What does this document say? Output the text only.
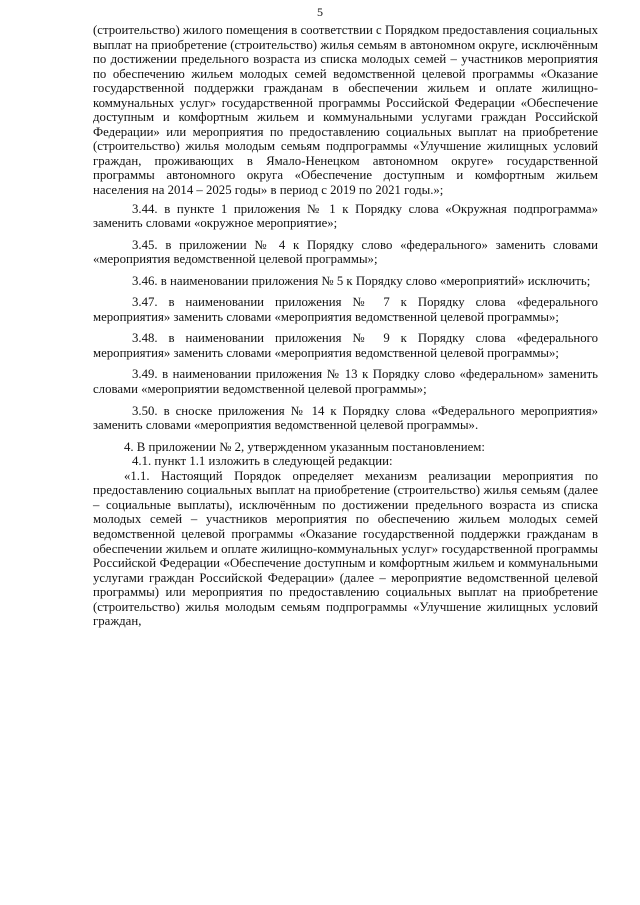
5

(строительство) жилого помещения в соответствии с Порядком предоставления социальных выплат на приобретение (строительство) жилья семьям в автономном округе, исключённым по достижении предельного возраста из списка молодых семей – участников мероприятия по обеспечению жильем молодых семей ведомственной целевой программы «Оказание государственной поддержки гражданам в обеспечении жильем и оплате жилищно-коммунальных услуг» государственной программы Российской Федерации «Обеспечение доступным и комфортным жильем и коммунальными услугами граждан Российской Федерации» или мероприятия по предоставлению социальных выплат на приобретение (строительство) жилья молодым семьям подпрограммы «Улучшение жилищных условий граждан, проживающих в Ямало-Ненецком автономном округе» государственной программы автономного округа «Обеспечение доступным и комфортным жильем населения на 2014 – 2025 годы» в период с 2019 по 2021 годы.»;

3.44. в пункте 1 приложения № 1 к Порядку слова «Окружная подпрограмма» заменить словами «окружное мероприятие»;

3.45. в приложении № 4 к Порядку слово «федерального» заменить словами «мероприятия ведомственной целевой программы»;

3.46. в наименовании приложения № 5 к Порядку слово «мероприятий» исключить;

3.47. в наименовании приложения № 7 к Порядку слова «федерального мероприятия» заменить словами «мероприятия ведомственной целевой программы»;

3.48. в наименовании приложения № 9 к Порядку слова «федерального мероприятия» заменить словами «мероприятия ведомственной целевой программы»;

3.49. в наименовании приложения № 13 к Порядку слово «федеральном» заменить словами «мероприятии ведомственной целевой программы»;

3.50. в сноске приложения № 14 к Порядку слова «Федерального мероприятия» заменить словами «мероприятия ведомственной целевой программы».

4. В приложении № 2, утвержденном указанным постановлением:

4.1. пункт 1.1 изложить в следующей редакции:

«1.1. Настоящий Порядок определяет механизм реализации мероприятия по предоставлению социальных выплат на приобретение (строительство) жилья семьям (далее – социальные выплаты), исключённым по достижении предельного возраста из списка молодых семей – участников мероприятия по обеспечению жильем молодых семей ведомственной целевой программы «Оказание государственной поддержки гражданам в обеспечении жильем и оплате жилищно-коммунальных услуг» государственной программы Российской Федерации «Обеспечение доступным и комфортным жильем и коммунальными услугами граждан Российской Федерации» (далее – мероприятие ведомственной целевой программы) или мероприятия по предоставлению социальных выплат на приобретение (строительство) жилья молодым семьям подпрограммы «Улучшение жилищных условий граждан,
